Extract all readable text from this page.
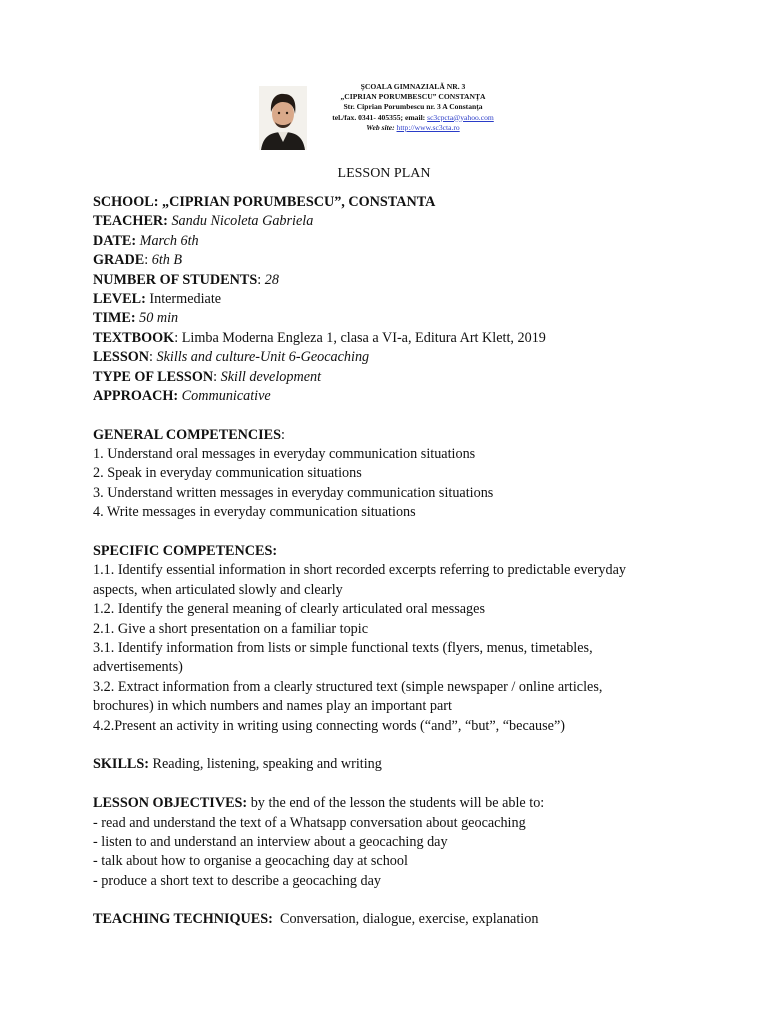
ŞCOALA GIMNAZIALĂ NR. 3
„CIPRIAN PORUMBESCU” CONSTANŢA
Str. Ciprian Porumbescu nr. 3 A Constanţa
tel./fax. 0341- 405355; email: sc3cpcta@yahoo.com
Web site: http://www.sc3cta.ro
LESSON PLAN
SCHOOL: „CIPRIAN PORUMBESCU”, CONSTANTA
TEACHER: Sandu Nicoleta Gabriela
DATE: March 6th
GRADE: 6th B
NUMBER OF STUDENTS: 28
LEVEL: Intermediate
TIME: 50 min
TEXTBOOK: Limba Moderna Engleza 1, clasa a VI-a, Editura Art Klett, 2019
LESSON: Skills and culture-Unit 6-Geocaching
TYPE OF LESSON: Skill development
APPROACH: Communicative
GENERAL COMPETENCIES:
1. Understand oral messages in everyday communication situations
2. Speak in everyday communication situations
3. Understand written messages in everyday communication situations
4. Write messages in everyday communication situations
SPECIFIC COMPETENCES:
1.1. Identify essential information in short recorded excerpts referring to predictable everyday
aspects, when articulated slowly and clearly
1.2. Identify the general meaning of clearly articulated oral messages
2.1. Give a short presentation on a familiar topic
3.1. Identify information from lists or simple functional texts (flyers, menus, timetables,
advertisements)
3.2. Extract information from a clearly structured text (simple newspaper / online articles,
brochures) in which numbers and names play an important part
4.2.Present an activity in writing using connecting words (“and”, “but”, “because”)
SKILLS: Reading, listening, speaking and writing
LESSON OBJECTIVES: by the end of the lesson the students will be able to:
- read and understand the text of a Whatsapp conversation about geocaching
- listen to and understand an interview about a geocaching day
- talk about how to organise a geocaching day at school
- produce a short text to describe a geocaching day
TEACHING TECHNIQUES: Conversation, dialogue, exercise, explanation
